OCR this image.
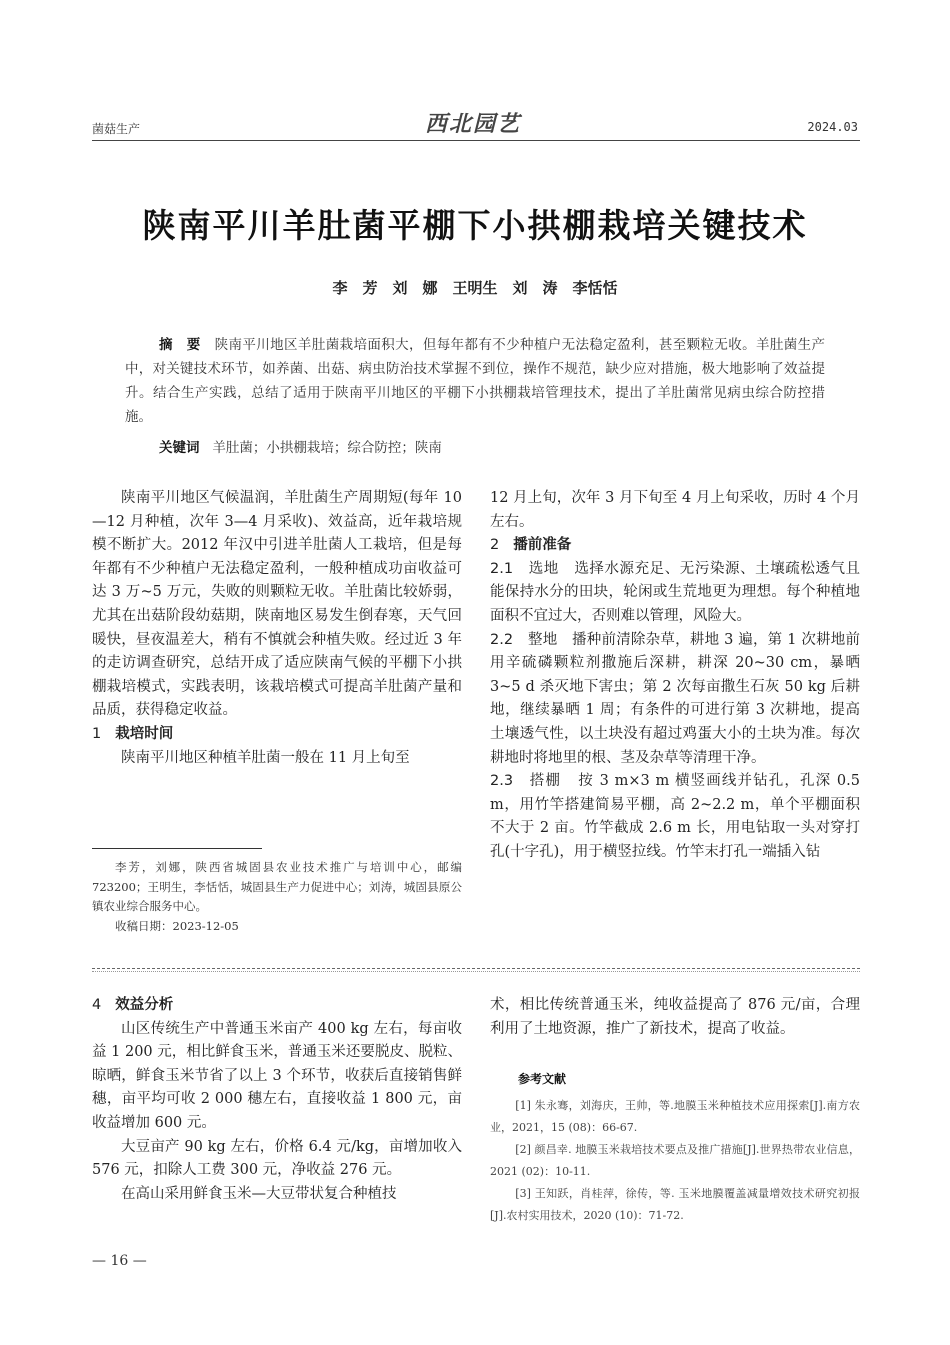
菌菇生产	西北园艺	2024.03
陕南平川羊肚菌平棚下小拱棚栽培关键技术
李　芳　刘　娜　王明生　刘　涛　李恬恬
摘　要 陕南平川地区羊肚菌栽培面积大，但每年都有不少种植户无法稳定盈利，甚至颗粒无收。羊肚菌生产中，对关键技术环节，如养菌、出菇、病虫防治技术掌握不到位，操作不规范，缺少应对措施，极大地影响了效益提升。结合生产实践，总结了适用于陕南平川地区的平棚下小拱棚栽培管理技术，提出了羊肚菌常见病虫综合防控措施。
关键词 羊肚菌；小拱棚栽培；综合防控；陕南

陕南平川地区气候温润，羊肚菌生产周期短(每年 10—12 月种植，次年 3—4 月采收)、效益高，近年栽培规模不断扩大。2012 年汉中引进羊肚菌人工栽培，但是每年都有不少种植户无法稳定盈利，一般种植成功亩收益可达 3 万~5 万元，失败的则颗粒无收。羊肚菌比较娇弱，尤其在出菇阶段幼菇期，陕南地区易发生倒春寒，天气回暖快，昼夜温差大，稍有不慎就会种植失败。经过近 3 年的走访调查研究，总结开成了适应陕南气候的平棚下小拱棚栽培模式，实践表明，该栽培模式可提高羊肚菌产量和品质，获得稳定收益。

1 栽培时间

陕南平川地区种植羊肚菌一般在 11 月上旬至

12 月上旬，次年 3 月下旬至 4 月上旬采收，历时 4 个月左右。

2 播前准备

2.1　选地 选择水源充足、无污染源、土壤疏松透气且能保持水分的田块，轮闲或生荒地更为理想。每个种植地面积不宜过大，否则难以管理，风险大。

2.2　整地 播种前清除杂草，耕地 3 遍，第 1 次耕地前用辛硫磷颗粒剂撒施后深耕，耕深 20~30 cm，暴晒 3~5 d 杀灭地下害虫；第 2 次每亩撒生石灰 50 kg 后耕地，继续暴晒 1 周；有条件的可进行第 3 次耕地，提高土壤透气性，以土块没有超过鸡蛋大小的土块为准。每次耕地时将地里的根、茎及杂草等清理干净。

2.3　搭棚 按 3 m×3 m 横竖画线并钻孔，孔深 0.5 m，用竹竿搭建简易平棚，高 2~2.2 m，单个平棚面积不大于 2 亩。竹竿截成 2.6 m 长，用电钻取一头对穿打孔(十字孔)，用于横竖拉线。竹竿末打孔一端插入钻

李芳，刘娜，陕西省城固县农业技术推广与培训中心，邮编 723200；王明生，李恬恬，城固县生产力促进中心；刘涛，城固县原公镇农业综合服务中心。

收稿日期：2023-12-05

4 效益分析

山区传统生产中普通玉米亩产 400 kg 左右，每亩收益 1 200 元，相比鲜食玉米，普通玉米还要脱皮、脱粒、晾晒，鲜食玉米节省了以上 3 个环节，收获后直接销售鲜穗，亩平均可收 2 000 穗左右，直接收益 1 800 元，亩收益增加 600 元。

大豆亩产 90 kg 左右，价格 6.4 元/kg，亩增加收入 576 元，扣除人工费 300 元，净收益 276 元。

在高山采用鲜食玉米—大豆带状复合种植技

术，相比传统普通玉米，纯收益提高了 876 元/亩，合理利用了土地资源，推广了新技术，提高了收益。

参考文献

[1] 朱永骞，刘海庆，王帅，等.地膜玉米种植技术应用探索[J].南方农业，2021，15 (08)：66-67.

[2] 颜昌幸. 地膜玉米栽培技术要点及推广措施[J].世界热带农业信息，2021 (02)：10-11.

[3] 王知跃，肖桂萍，徐传，等. 玉米地膜覆盖减量增效技术研究初报[J].农村实用技术，2020 (10)：71-72.

— 16 —
